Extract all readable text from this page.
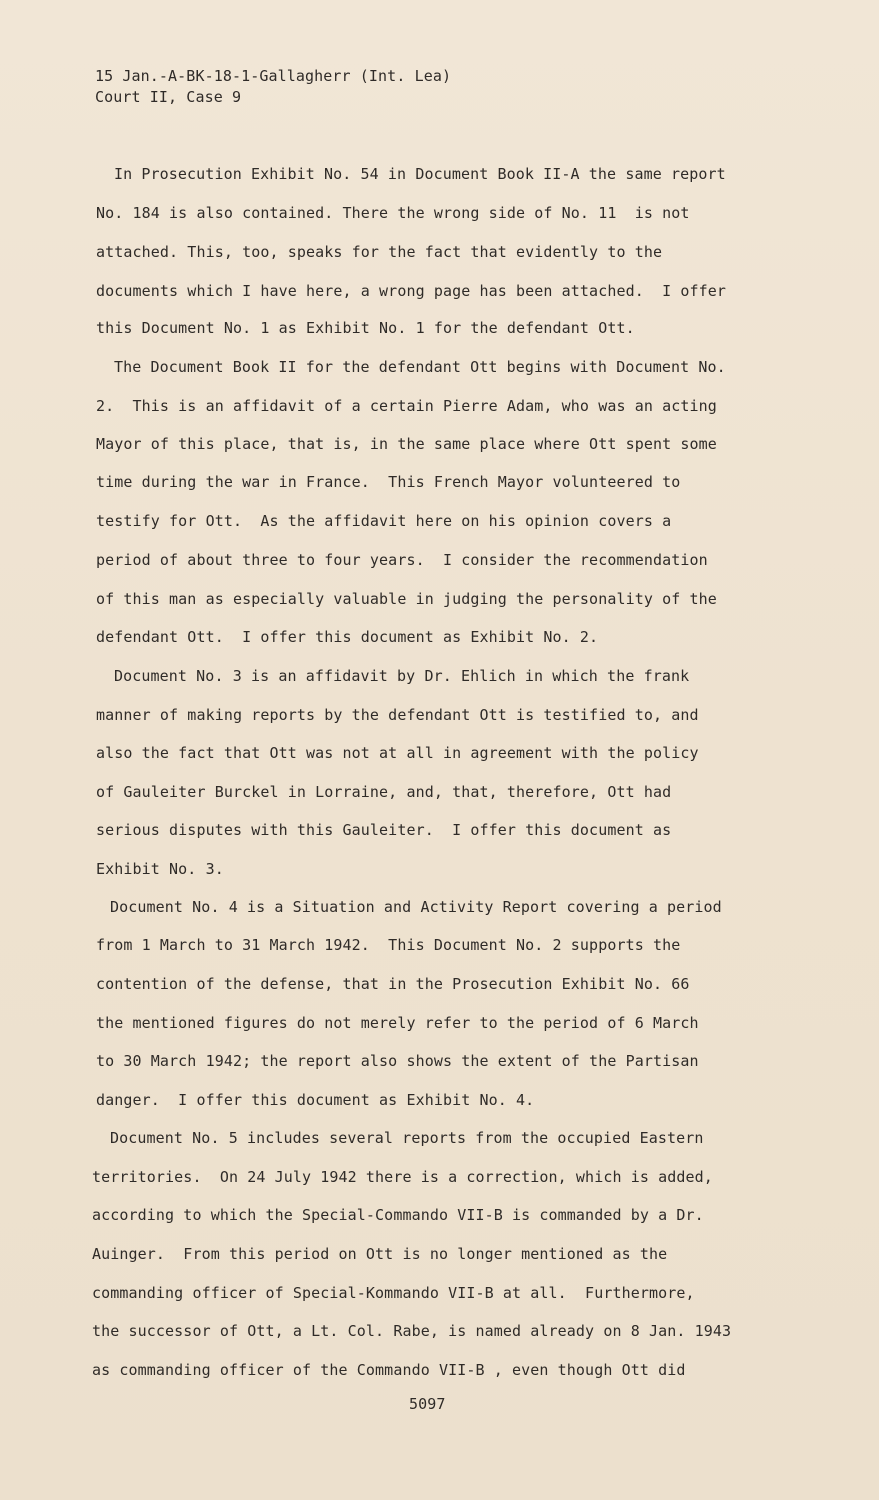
15 Jan.-A-BK-18-1-Gallagherr (Int. Lea)
Court II, Case 9
In Prosecution Exhibit No. 54 in Document Book II-A the same report
No. 184 is also contained. There the wrong side of No. 11  is not
attached. This, too, speaks for the fact that evidently to the
documents which I have here, a wrong page has been attached.  I offer
this Document No. 1 as Exhibit No. 1 for the defendant Ott.
The Document Book II for the defendant Ott begins with Document No.
2.  This is an affidavit of a certain Pierre Adam, who was an acting
Mayor of this place, that is, in the same place where Ott spent some
time during the war in France.  This French Mayor volunteered to
testify for Ott.  As the affidavit here on his opinion covers a
period of about three to four years.  I consider the recommendation
of this man as especially valuable in judging the personality of the
defendant Ott.  I offer this document as Exhibit No. 2.
Document No. 3 is an affidavit by Dr. Ehlich in which the frank
manner of making reports by the defendant Ott is testified to, and
also the fact that Ott was not at all in agreement with the policy
of Gauleiter Burckel in Lorraine, and, that, therefore, Ott had
serious disputes with this Gauleiter.  I offer this document as
Exhibit No. 3.
Document No. 4 is a Situation and Activity Report covering a period
from 1 March to 31 March 1942.  This Document No. 2 supports the
contention of the defense, that in the Prosecution Exhibit No. 66
the mentioned figures do not merely refer to the period of 6 March
to 30 March 1942; the report also shows the extent of the Partisan
danger.  I offer this document as Exhibit No. 4.
Document No. 5 includes several reports from the occupied Eastern
territories.  On 24 July 1942 there is a correction, which is added,
according to which the Special-Commando VII-B is commanded by a Dr.
Auinger.  From this period on Ott is no longer mentioned as the
commanding officer of Special-Kommando VII-B at all.  Furthermore,
the successor of Ott, a Lt. Col. Rabe, is named already on 8 Jan. 1943
as commanding officer of the Commando VII-B , even though Ott did
5097
